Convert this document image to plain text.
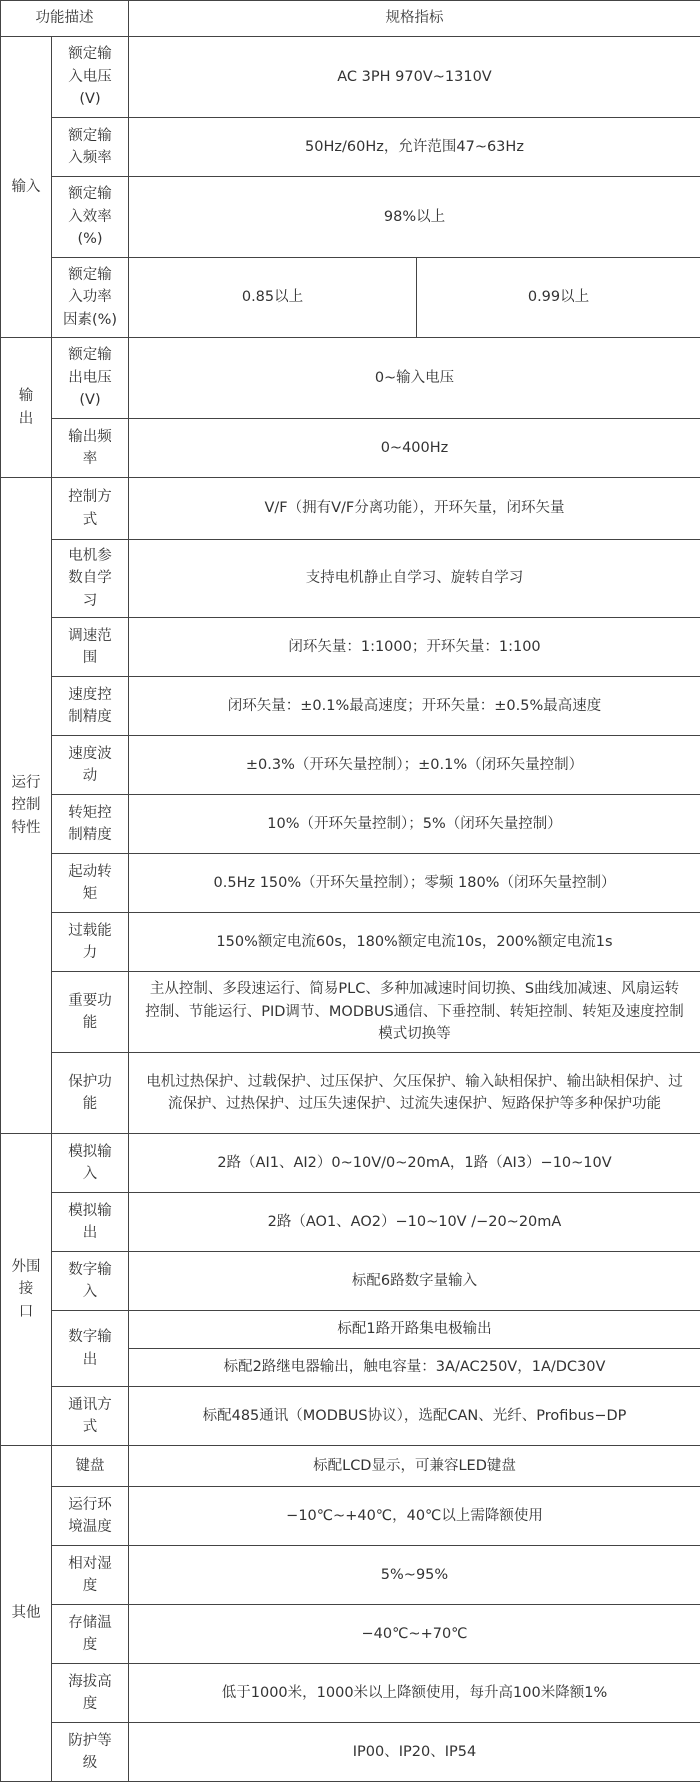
功能描述		规格指标	
输入	额定输
入电压
(V)	AC 3PH 970V~1310V	
	额定输
入频率	50Hz/60Hz，允许范围47~63Hz	
	额定输
入效率
(%)	98%以上	
	额定输
入功率
因素(%)	0.85以上	0.99以上
输
出	额定输
出电压
(V)	0~输入电压	
	输出频
率	0~400Hz	
运行
控制
特性	控制方
式	V/F（拥有V/F分离功能），开环矢量，闭环矢量	
	电机参
数自学
习	支持电机静止自学习、旋转自学习	
	调速范
围	闭环矢量：1:1000；开环矢量：1:100	
	速度控
制精度	闭环矢量：±0.1%最高速度；开环矢量：±0.5%最高速度	
	速度波
动	±0.3%（开环矢量控制）；±0.1%（闭环矢量控制）	
	转矩控
制精度	10%（开环矢量控制）；5%（闭环矢量控制）	
	起动转
矩	0.5Hz 150%（开环矢量控制）；零频 180%（闭环矢量控制）	
	过载能
力	150%额定电流60s，180%额定电流10s，200%额定电流1s	
	重要功
能	主从控制、多段速运行、简易PLC、多种加减速时间切换、S曲线加减速、风扇运转控制、节能运行、PID调节、MODBUS通信、下垂控制、转矩控制、转矩及速度控制模式切换等	
	保护功
能	电机过热保护、过载保护、过压保护、欠压保护、输入缺相保护、输出缺相保护、过流保护、过热保护、过压失速保护、过流失速保护、短路保护等多种保护功能	
外围
接
口	模拟输
入	2路（AI1、AI2）0~10V/0~20mA，1路（AI3）−10~10V	
	模拟输
出	2路（AO1、AO2）−10~10V /−20~20mA	
	数字输
入	标配6路数字量输入	
	数字输
出	标配1路开路集电极输出	
		标配2路继电器输出，触电容量：3A/AC250V，1A/DC30V	
	通讯方
式	标配485通讯（MODBUS协议），选配CAN、光纤、Profibus−DP	
其他	键盘	标配LCD显示，可兼容LED键盘	
	运行环
境温度	−10℃~+40℃，40℃以上需降额使用	
	相对湿
度	5%~95%	
	存储温
度	−40℃~+70℃	
	海拔高
度	低于1000米，1000米以上降额使用，每升高100米降额1%	
	防护等
级	IP00、IP20、IP54	
